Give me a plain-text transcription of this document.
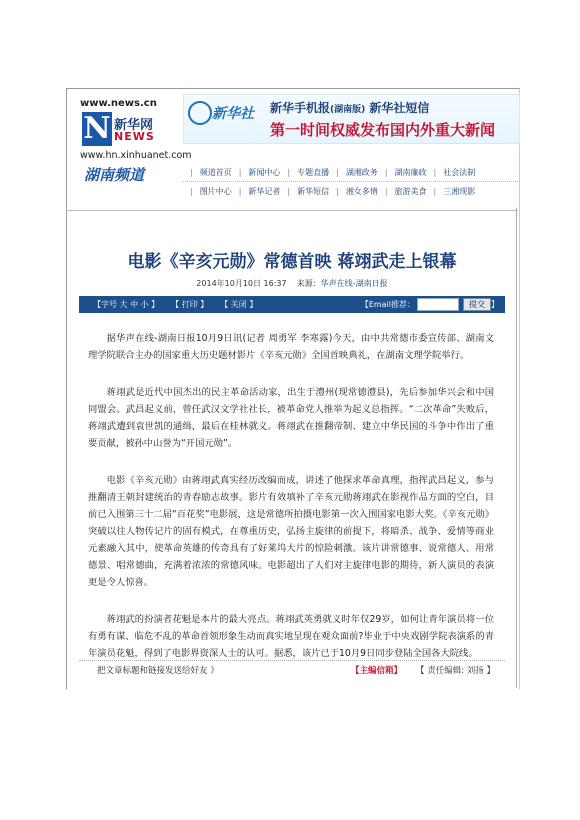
www.news.cn
N 新华网
NEWS
www.hn.xinhuanet.com
湖南频道
新华社 新华手机报(湖南版) 新华社短信
第一时间权威发布国内外重大新闻
| 频道首页 | 新闻中心 | 专题直播 | 湖湘政务 | 湖南廉政 | 社会法制
| 图片中心 | 新华记者 | 新华短信 | 湘女多情 | 旅游美食 | 三湘现影
电影《辛亥元勋》常德首映 蒋翊武走上银幕
2014年10月10日 16:37 来源：华声在线-湖南日报
【字号 大 中 小 】 【 打印 】 【 关闭 】	【Email推荐：	提交 】

据华声在线-湖南日报10月9日讯(记者 周勇军 李寒露)今天，由中共常德市委宣传部、湖南文理学院联合主办的国家重大历史题材影片《辛亥元勋》全国首映典礼，在湖南文理学院举行。

蒋翊武是近代中国杰出的民主革命活动家，出生于澧州(现常德澧县)，先后参加华兴会和中国同盟会。武昌起义前，曾任武汉文学社社长，被革命党人推举为起义总指挥。“二次革命”失败后，蒋翊武遭到袁世凯的通缉，最后在桂林就义。蒋翊武在推翻帝制、建立中华民国的斗争中作出了重要贡献，被孙中山誉为“开国元勋”。

电影《辛亥元勋》由蒋翊武真实经历改编而成，讲述了他探求革命真理，指挥武昌起义，参与推翻清王朝封建统治的青春励志故事。影片有效填补了辛亥元勋蒋翊武在影视作品方面的空白，目前已入围第三十二届“百花奖”电影展，这是常德所拍摄电影第一次入围国家电影大奖。《辛亥元勋》突破以往人物传记片的固有模式，在尊重历史，弘扬主旋律的前提下，将暗杀、战争、爱情等商业元素融入其中，使革命英雄的传奇具有了好莱坞大片的惊险刺激。该片讲常德事、说常德人、用常德景、唱常德曲，充满着浓浓的常德风味。电影超出了人们对主旋律电影的期待，新人演员的表演更是令人惊喜。

蒋翊武的扮演者花魁是本片的最大亮点。蒋翊武英勇就义时年仅29岁，如何让青年演员将一位有勇有谋、临危不乱的革命首领形象生动而真实地呈现在观众面前?毕业于中央戏剧学院表演系的青年演员花魁，得到了电影界资深人士的认可。据悉，该片已于10月9日同步登陆全国各大院线。

把文章标题和链接发送给好友 》	【主编信箱】 【 责任编辑: 刘扬 】
